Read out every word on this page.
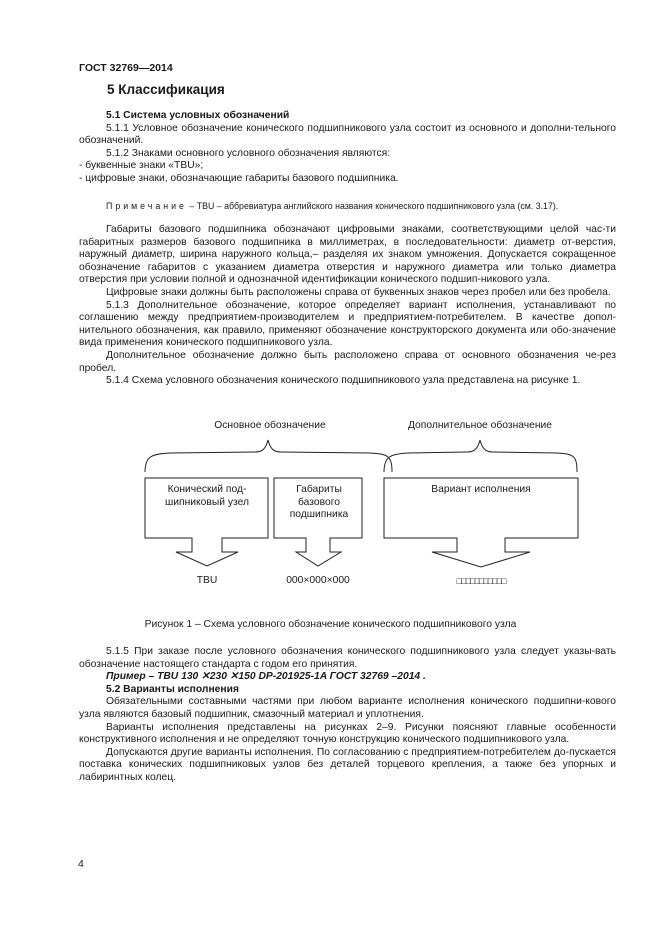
ГОСТ 32769—2014
5 Классификация

5.1 Система условных обозначений

5.1.1 Условное обозначение конического подшипникового узла состоит из основного и дополни-тельного обозначений.

5.1.2 Знаками основного условного обозначения являются:

- буквенные знаки «TBU»;

- цифровые знаки, обозначающие габариты базового подшипника.

Примечание – TBU – аббревиатура английского названия конического подшипникового узла (см. 3.17).

Габариты базового подшипника обозначают цифровыми знаками, соответствующими целой час-ти габаритных размеров базового подшипника в миллиметрах, в последовательности: диаметр от-верстия, наружный диаметр, ширина наружного кольца,– разделяя их знаком умножения. Допускается сокращенное обозначение габаритов с указанием диаметра отверстия и наружного диаметра или только диаметра отверстия при условии полной и однозначной идентификации конического подшип-никового узла.

Цифровые знаки должны быть расположены справа от буквенных знаков через пробел или без пробела.

5.1.3 Дополнительное обозначение, которое определяет вариант исполнения, устанавливают по соглашению между предприятием-производителем и предприятием-потребителем. В качестве допол-нительного обозначения, как правило, применяют обозначение конструкторского документа или обо-значение вида применения конического подшипникового узла.

Дополнительное обозначение должно быть расположено справа от основного обозначения че-рез пробел.

5.1.4 Схема условного обозначения конического подшипникового узла представлена на рисунке 1.

Основное обозначение	Дополнительное обозначение
Конический под-шипниковый узел
Габариты базового подшипника
Вариант исполнения
TBU	000×000×000	□□□□□□□□□□□
Рисунок 1 – Схема условного обозначение конического подшипникового узла

5.1.5 При заказе после условного обозначения конического подшипникового узла следует указы-вать обозначение настоящего стандарта с годом его принятия.

Пример – TBU 130 ✕230 ✕150 DP-201925-1A ГОСТ 32769 –2014 .

5.2 Варианты исполнения

Обязательными составными частями при любом варианте исполнения конического подшипни-кового узла являются базовый подшипник, смазочный материал и уплотнения.

Варианты исполнения представлены на рисунках 2–9. Рисунки поясняют главные особенности конструктивного исполнения и не определяют точную конструкцию конического подшипникового узла.

Допускаются другие варианты исполнения. По согласованию с предприятием-потребителем до-пускается поставка конических подшипниковых узлов без деталей торцевого крепления, а также без упорных и лабиринтных колец.

4
